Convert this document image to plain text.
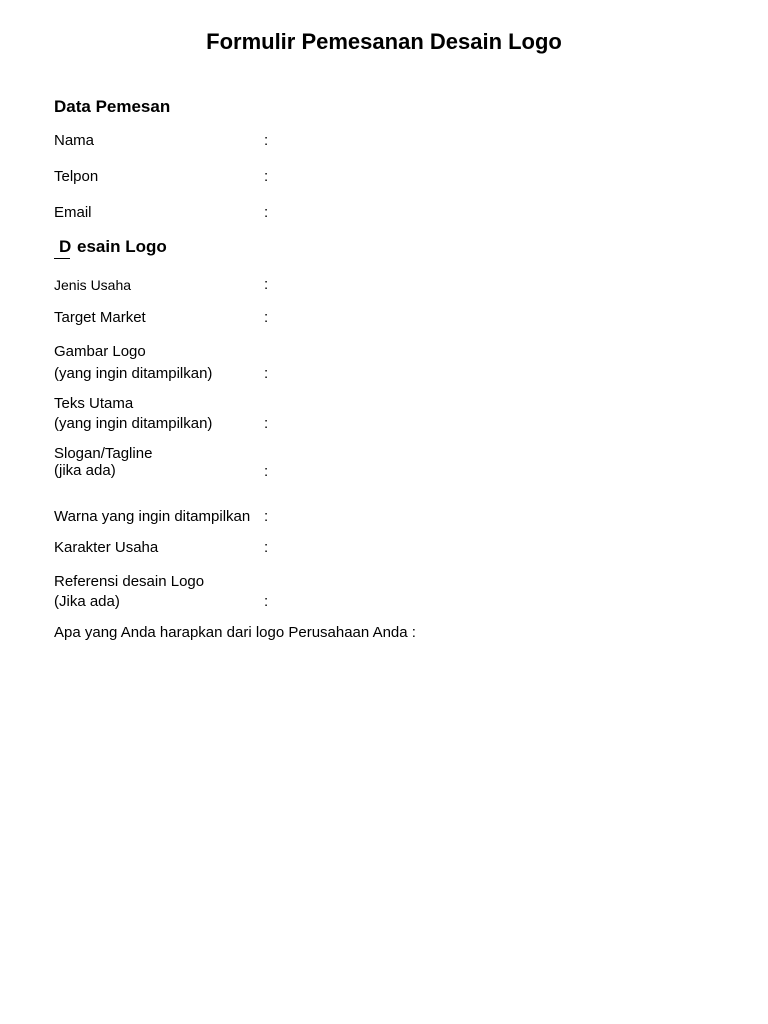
Formulir Pemesanan Desain Logo
Data Pemesan
Nama	:
Telpon	:
Email	:
D esain Logo
Jenis Usaha	:
Target Market	:
Gambar Logo
(yang ingin ditampilkan)	:
Teks Utama
(yang ingin ditampilkan)	:
Slogan/Tagline
(jika ada)	:
Warna yang ingin ditampilkan :
Karakter Usaha	:
Referensi desain Logo
(Jika ada)	:
Apa yang Anda harapkan dari logo Perusahaan Anda :
